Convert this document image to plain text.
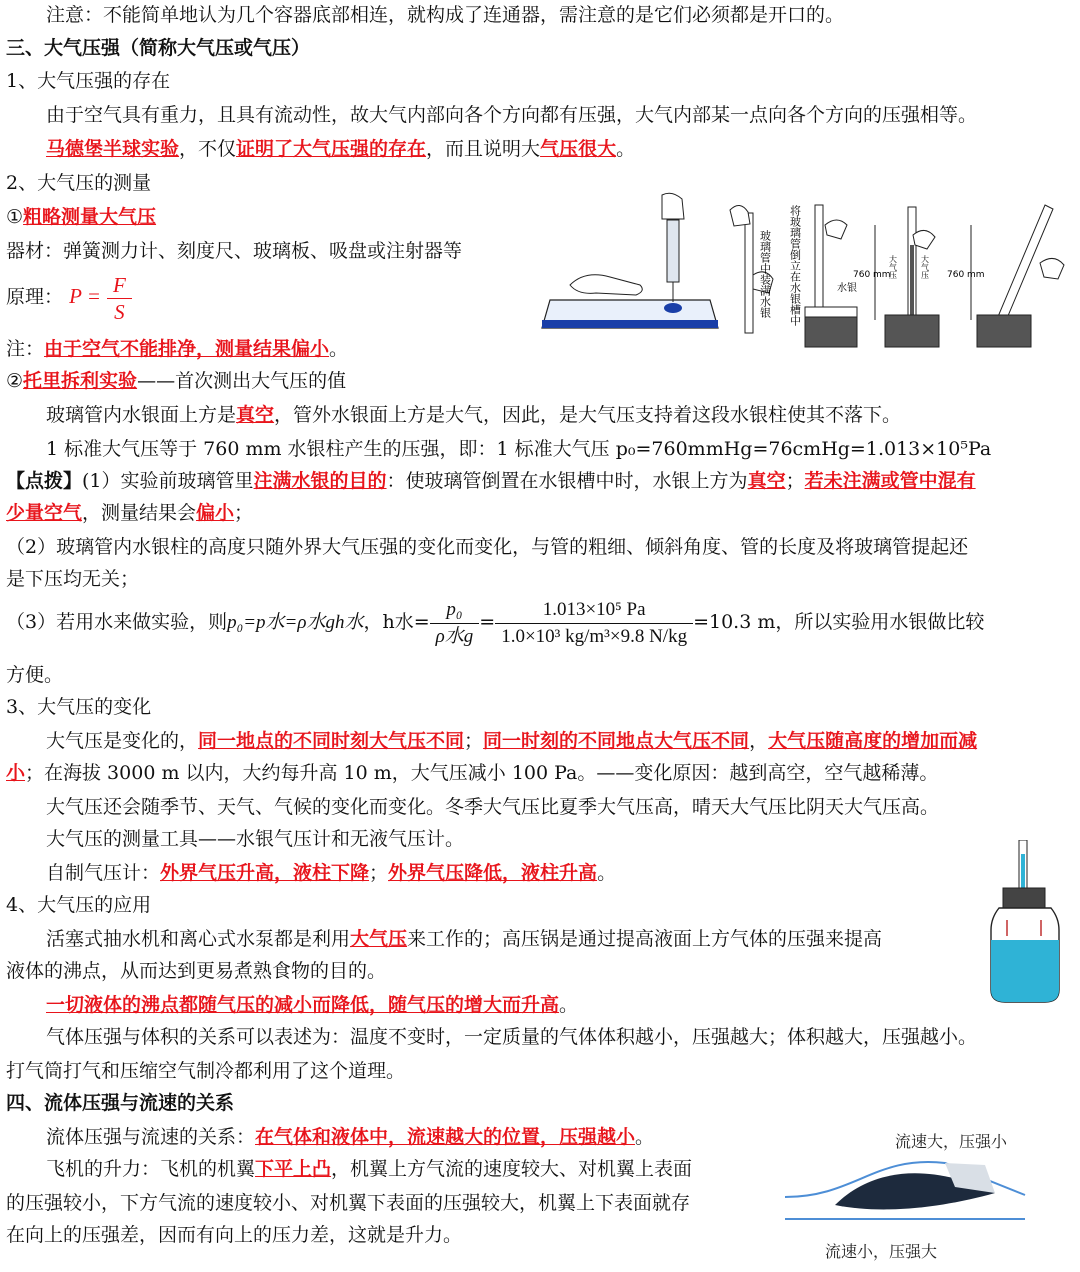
注意：不能简单地认为几个容器底部相连，就构成了连通器，需注意的是它们必须都是开口的。
三、大气压强（简称大气压或气压）
1、大气压强的存在
由于空气具有重力，且具有流动性，故大气内部向各个方向都有压强，大气内部某一点向各个方向的压强相等。
马德堡半球实验，不仅证明了大气压强的存在，而且说明大气压很大。
2、大气压的测量
①粗略测量大气压
器材：弹簧测力计、刻度尺、玻璃板、吸盘或注射器等
原理： $P = \frac{F}{S}$
注：由于空气不能排净，测量结果偏小。
②托里拆利实验——首次测出大气压的值
玻璃管内水银面上方是真空，管外水银面上方是大气，因此，是大气压支持着这段水银柱使其不落下。
1 标准大气压等于 760 mm 水银柱产生的压强，即：1 标准大气压 p₀=760mmHg=76cmHg=1.013×10⁵Pa
【点拨】(1）实验前玻璃管里注满水银的目的：使玻璃管倒置在水银槽中时，水银上方为真空；若未注满或管中混有
少量空气，测量结果会偏小；
（2）玻璃管内水银柱的高度只随外界大气压强的变化而变化，与管的粗细、倾斜角度、管的长度及将玻璃管提起还
是下压均无关；
（3）若用水来做实验，则p₀=p水=ρ水gh水，h水= $\frac{\text{p₀}}{\text{ρ水g}} = \frac{\text{1.013×10⁵ Pa}}{\text{1.0×10³ kg/m³×9.8 N/kg}} =10.3$ m，所以实验用水银做比较
方便。
3、大气压的变化
大气压是变化的，同一地点的不同时刻大气压不同；同一时刻的不同地点大气压不同，大气压随高度的增加而减
小；在海拔 3000 m 以内，大约每升高 10 m，大气压减小 100 Pa。——变化原因：越到高空，空气越稀薄。
大气压还会随季节、天气、气候的变化而变化。冬季大气压比夏季大气压高，晴天大气压比阴天大气压高。
大气压的测量工具——水银气压计和无液气压计。
自制气压计：外界气压升高，液柱下降；外界气压降低，液柱升高。
4、大气压的应用
活塞式抽水机和离心式水泵都是利用大气压来工作的；高压锅是通过提高液面上方气体的压强来提高
液体的沸点，从而达到更易煮熟食物的目的。
一切液体的沸点都随气压的减小而降低，随气压的增大而升高。
气体压强与体积的关系可以表述为：温度不变时，一定质量的气体体积越小，压强越大；体积越大，压强越小。
打气筒打气和压缩空气制冷都利用了这个道理。
四、流体压强与流速的关系
流体压强与流速的关系：在气体和液体中，流速越大的位置，压强越小。
飞机的升力：飞机的机翼下平上凸，机翼上方气流的速度较大、对机翼上表面
的压强较小，下方气流的速度较小、对机翼下表面的压强较大，机翼上下表面就存
在向上的压强差，因而有向上的压力差，这就是升力。
玻璃管中装满水银 将玻璃管倒立在水银槽中	水银
760 mm
大气压	大气压 760 mm
流速大，压强小
流速小，压强大
